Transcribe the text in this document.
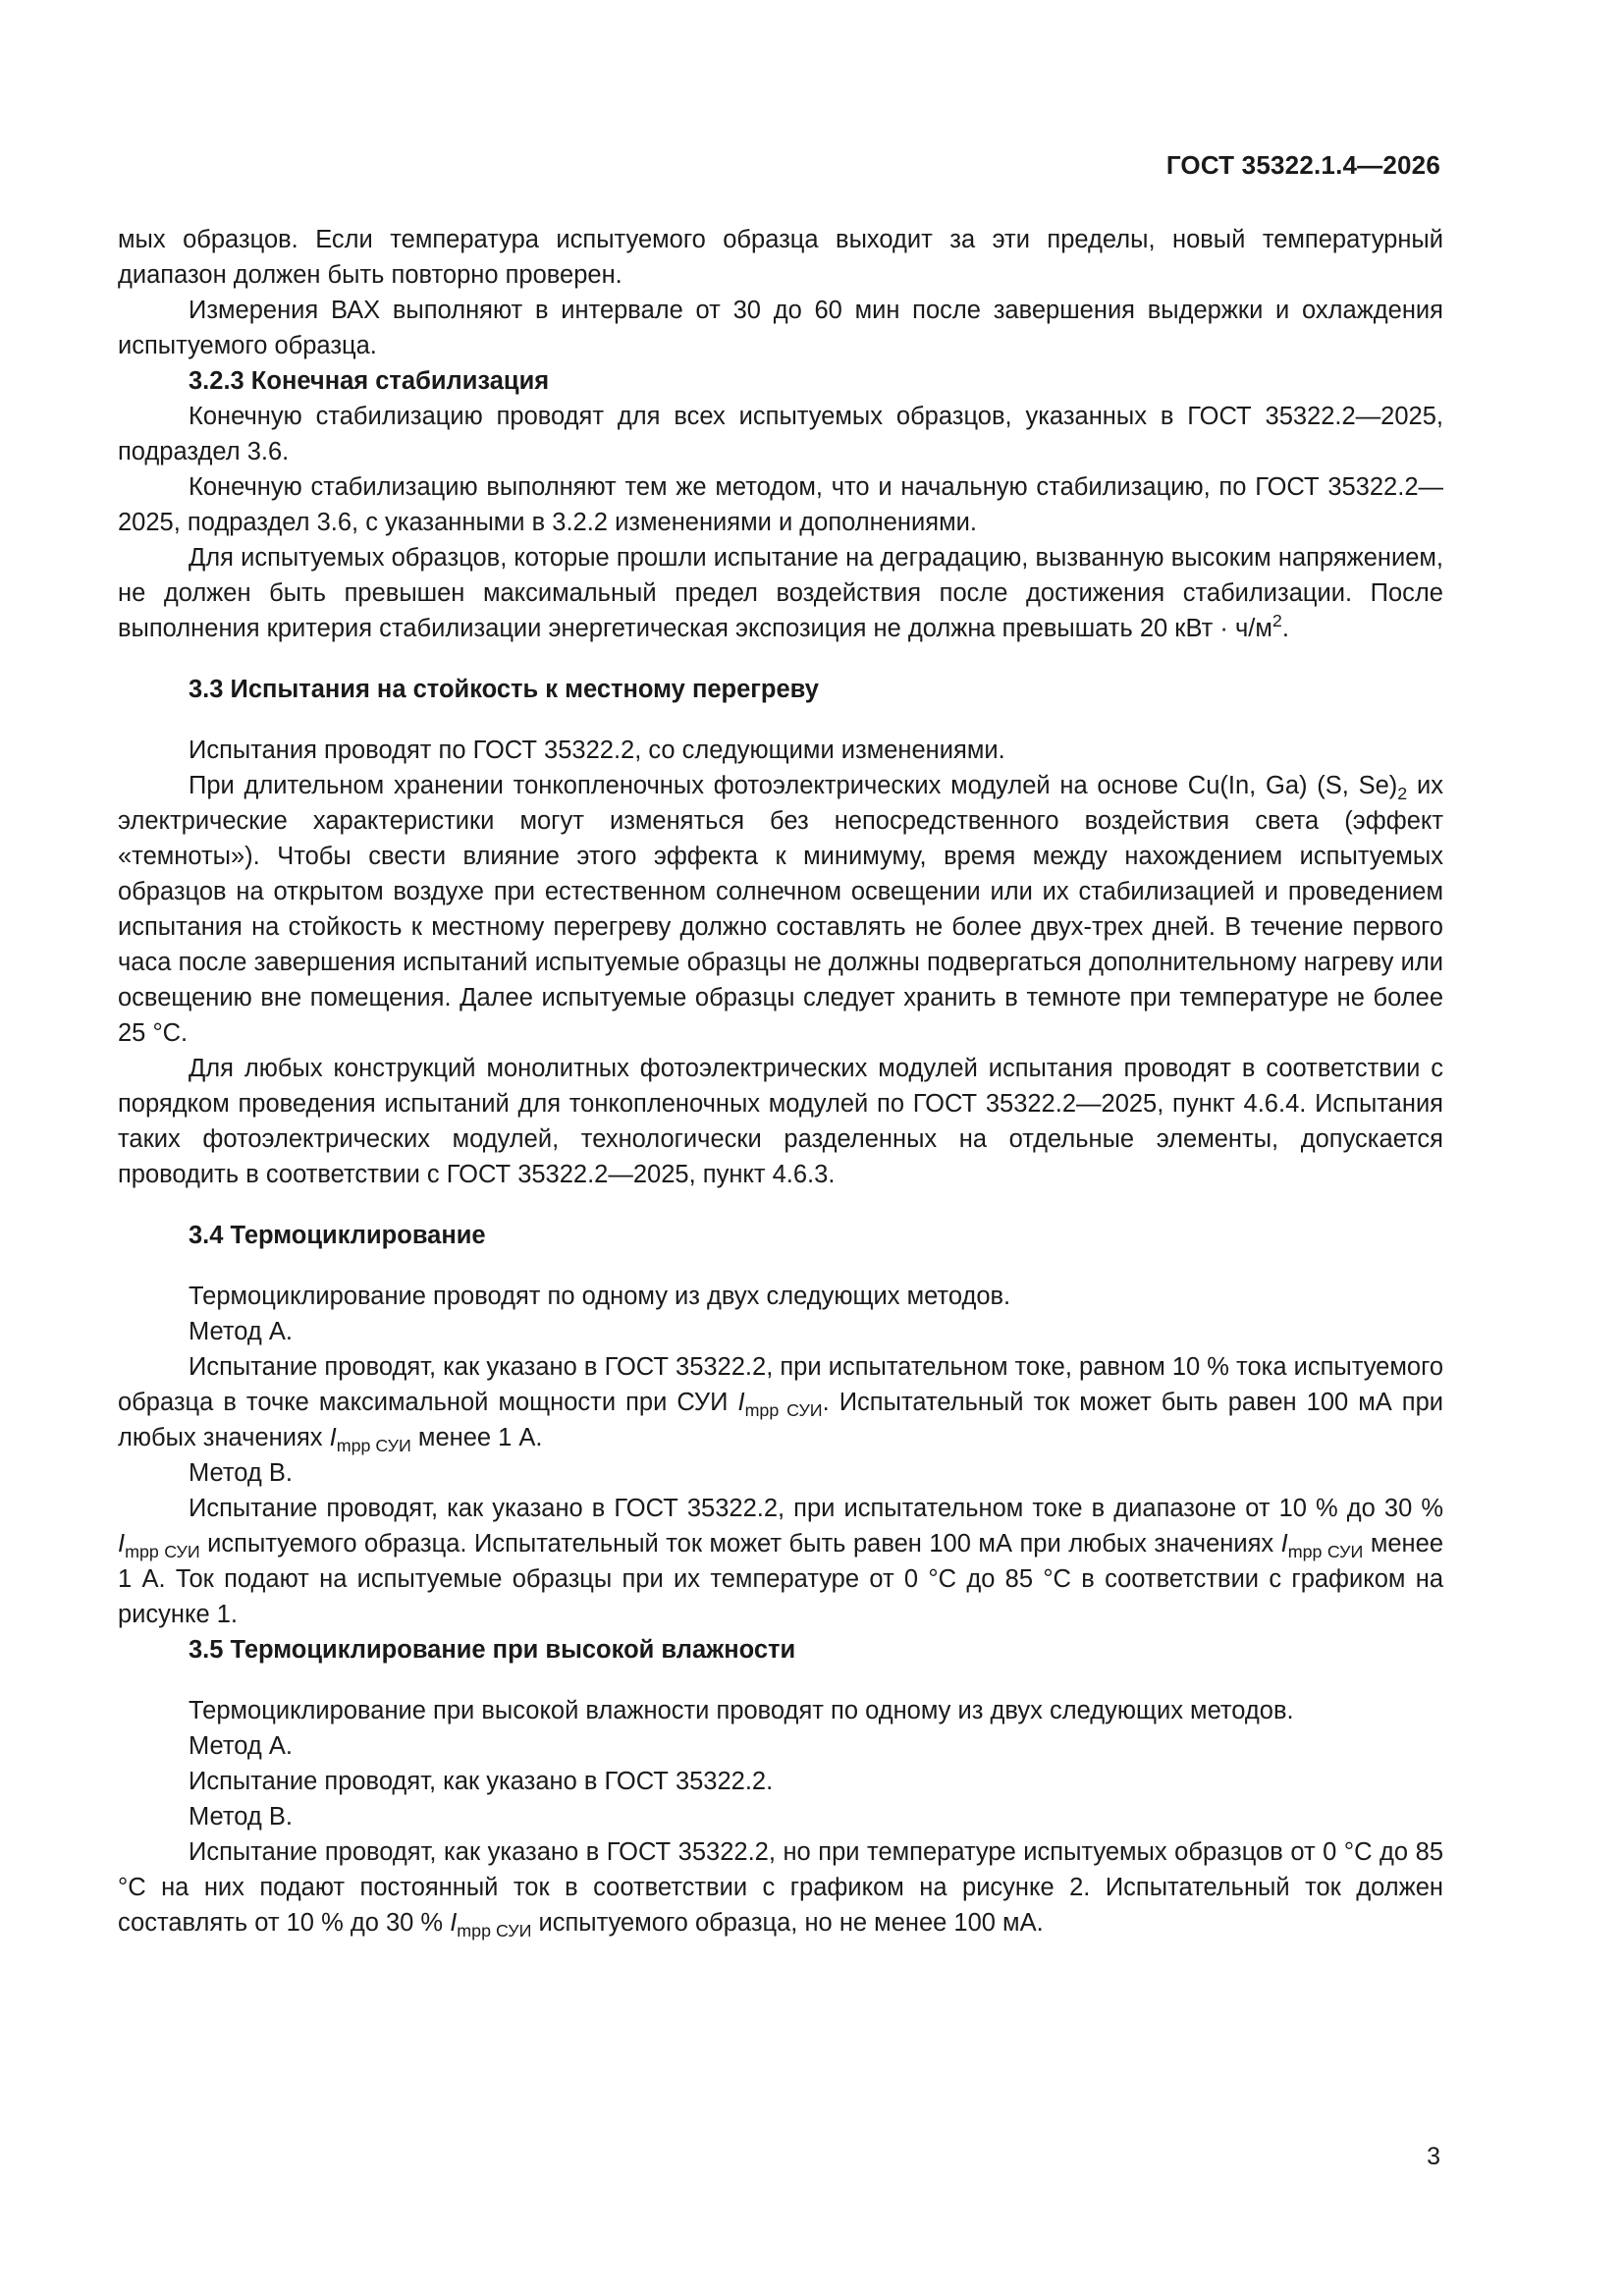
ГОСТ 35322.1.4—2026

мых образцов. Если температура испытуемого образца выходит за эти пределы, новый температурный диапазон должен быть повторно проверен.

Измерения ВАХ выполняют в интервале от 30 до 60 мин после завершения выдержки и охлаждения испытуемого образца.

3.2.3 Конечная стабилизация

Конечную стабилизацию проводят для всех испытуемых образцов, указанных в ГОСТ 35322.2—2025, подраздел 3.6.

Конечную стабилизацию выполняют тем же методом, что и начальную стабилизацию, по ГОСТ 35322.2—2025, подраздел 3.6, с указанными в 3.2.2 изменениями и дополнениями.

Для испытуемых образцов, которые прошли испытание на деградацию, вызванную высоким напряжением, не должен быть превышен максимальный предел воздействия после достижения стабилизации. После выполнения критерия стабилизации энергетическая экспозиция не должна превышать 20 кВт · $ч/м^2$.

3.3 Испытания на стойкость к местному перегреву

Испытания проводят по ГОСТ 35322.2, со следующими изменениями.

При длительном хранении тонкопленочных фотоэлектрических модулей на основе Cu(In, Ga) (S, $Se)_2$ их электрические характеристики могут изменяться без непосредственного воздействия света (эффект «темноты»). Чтобы свести влияние этого эффекта к минимуму, время между нахождением испытуемых образцов на открытом воздухе при естественном солнечном освещении или их стабилизацией и проведением испытания на стойкость к местному перегреву должно составлять не более двух-трех дней. В течение первого часа после завершения испытаний испытуемые образцы не должны подвергаться дополнительному нагреву или освещению вне помещения. Далее испытуемые образцы следует хранить в темноте при температуре не более 25 °С.

Для любых конструкций монолитных фотоэлектрических модулей испытания проводят в соответствии с порядком проведения испытаний для тонкопленочных модулей по ГОСТ 35322.2—2025, пункт 4.6.4. Испытания таких фотоэлектрических модулей, технологически разделенных на отдельные элементы, допускается проводить в соответствии с ГОСТ 35322.2—2025, пункт 4.6.3.

3.4 Термоциклирование

Термоциклирование проводят по одному из двух следующих методов.

Метод А.

Испытание проводят, как указано в ГОСТ 35322.2, при испытательном токе, равном 10 % тока испытуемого образца в точке максимальной мощности при СУИ $I_{mpp СУИ}$. Испытательный ток может быть равен 100 мА при любых значениях $I_{mpp СУИ}$ менее 1 А.

Метод В.

Испытание проводят, как указано в ГОСТ 35322.2, при испытательном токе в диапазоне от 10 % до 30 % $I_{mpp СУИ}$ испытуемого образца. Испытательный ток может быть равен 100 мА при любых значениях $I_{mpp СУИ}$ менее 1 А. Ток подают на испытуемые образцы при их температуре от 0 °С до 85 °С в соответствии с графиком на рисунке 1.

3.5 Термоциклирование при высокой влажности

Термоциклирование при высокой влажности проводят по одному из двух следующих методов.

Метод А.

Испытание проводят, как указано в ГОСТ 35322.2.

Метод В.

Испытание проводят, как указано в ГОСТ 35322.2, но при температуре испытуемых образцов от 0 °С до 85 °С на них подают постоянный ток в соответствии с графиком на рисунке 2. Испытательный ток должен составлять от 10 % до 30 % $I_{mpp СУИ}$ испытуемого образца, но не менее 100 мА.

3
